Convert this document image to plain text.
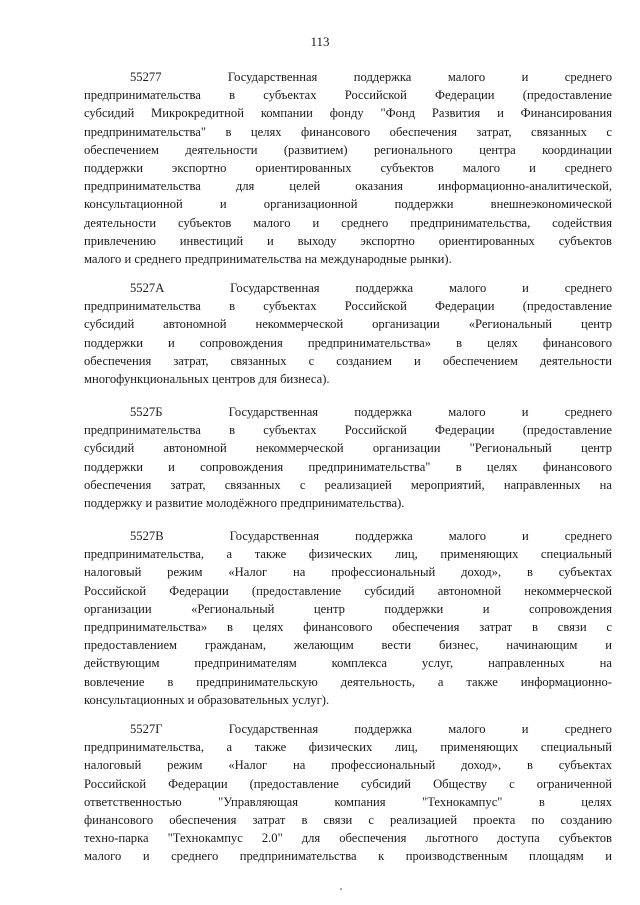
113
55277	Государственная	поддержка	малого	и	среднего
предпринимательства в субъектах Российской Федерации (предоставление
субсидий Микрокредитной компании фонду "Фонд Развития и Финансирования
предпринимательства" в целях финансового обеспечения затрат, связанных с
обеспечением деятельности (развитием) регионального центра координации
поддержки экспортно ориентированных субъектов малого и среднего
предпринимательства для целей оказания информационно-аналитической,
консультационной и организационной поддержки внешнеэкономической
деятельности субъектов малого и среднего предпринимательства, содействия
привлечению инвестиций и выходу экспортно ориентированных субъектов
малого и среднего предпринимательства на международные рынки).
5527А	Государственная	поддержка	малого	и	среднего
предпринимательства в субъектах Российской Федерации (предоставление
субсидий автономной некоммерческой организации «Региональный центр
поддержки и сопровождения предпринимательства» в целях финансового
обеспечения затрат, связанных с созданием и обеспечением деятельности
многофункциональных центров для бизнеса).
5527Б	Государственная	поддержка	малого	и	среднего
предпринимательства в субъектах Российской Федерации (предоставление
субсидий автономной некоммерческой организации "Региональный центр
поддержки и сопровождения предпринимательства" в целях финансового
обеспечения затрат, связанных с реализацией мероприятий, направленных на
поддержку и развитие молодёжного предпринимательства).
5527В	Государственная	поддержка	малого	и	среднего
предпринимательства, а также физических лиц, применяющих специальный
налоговый режим «Налог на профессиональный доход», в субъектах
Российской Федерации (предоставление субсидий автономной некоммерческой
организации «Региональный центр поддержки и сопровождения
предпринимательства» в целях финансового обеспечения затрат в связи с
предоставлением гражданам, желающим вести бизнес, начинающим и
действующим предпринимателям комплекса услуг, направленных на
вовлечение в предпринимательскую деятельность, а также информационно-
консультационных и образовательных услуг).
5527Г	Государственная	поддержка	малого	и	среднего
предпринимательства, а также физических лиц, применяющих специальный
налоговый режим «Налог на профессиональный доход», в субъектах
Российской Федерации (предоставление субсидий Обществу с ограниченной
ответственностью "Управляющая компания "Технокампус" в целях
финансового обеспечения затрат в связи с реализацией проекта по созданию
техно-парка "Технокампус 2.0" для обеспечения льготного доступа субъектов
малого и среднего предпринимательства к производственным площадям и
